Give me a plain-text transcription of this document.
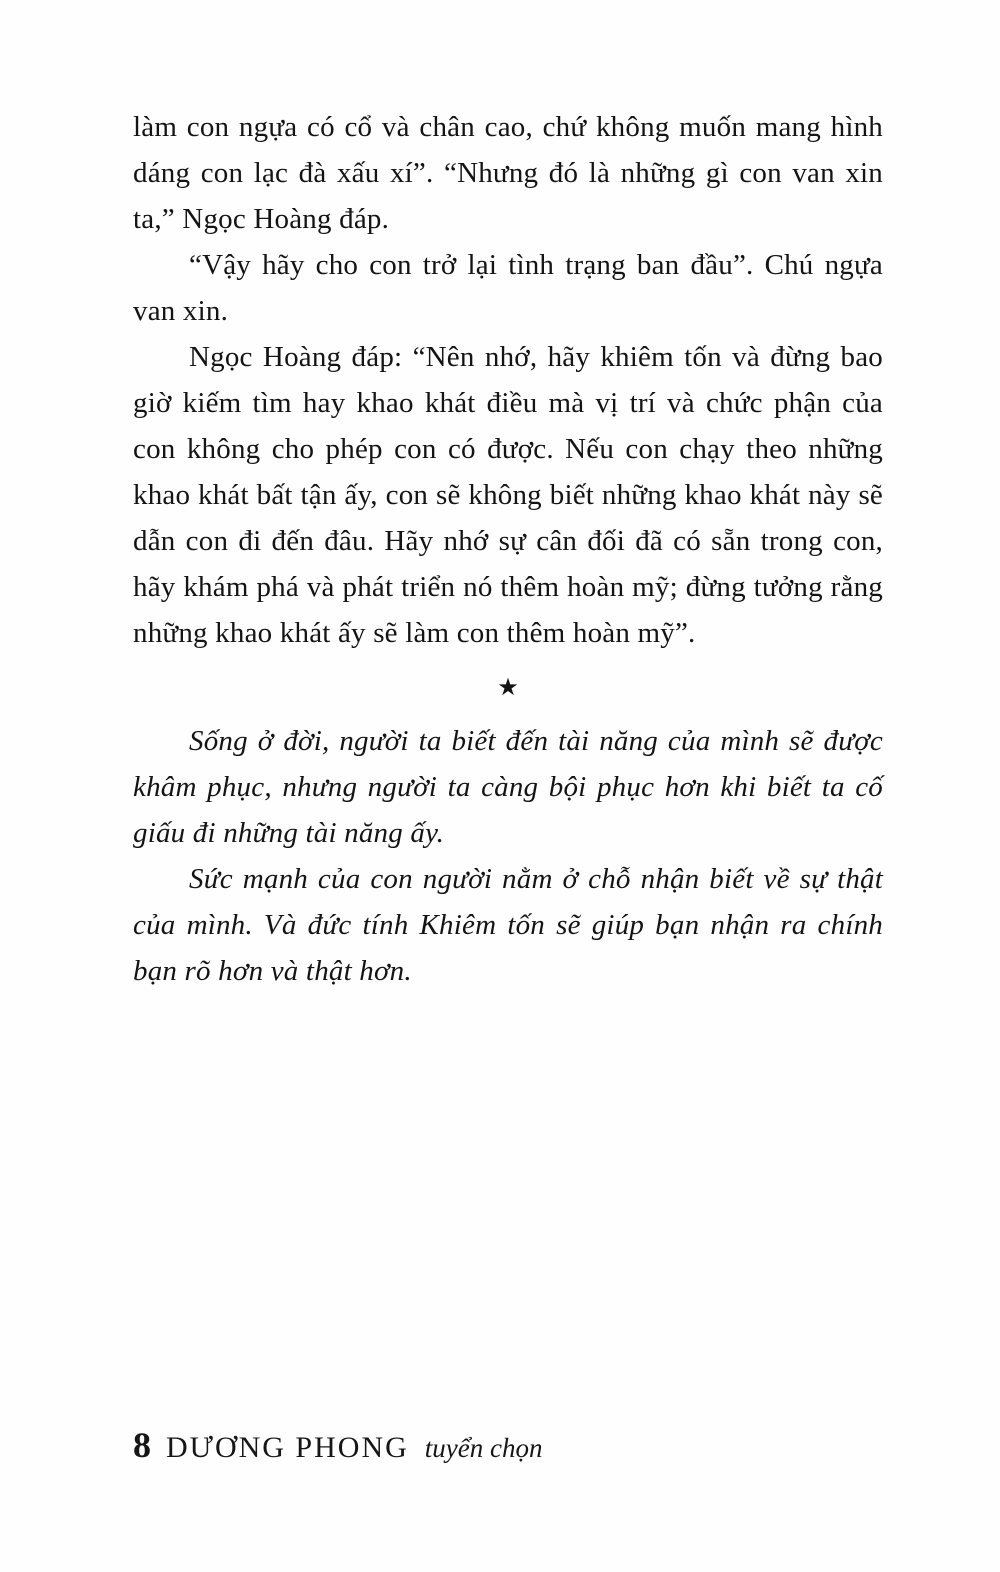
làm con ngựa có cổ và chân cao, chứ không muốn mang hình dáng con lạc đà xấu xí”. “Nhưng đó là những gì con van xin ta,” Ngọc Hoàng đáp.

“Vậy hãy cho con trở lại tình trạng ban đầu”. Chú ngựa van xin.

Ngọc Hoàng đáp: “Nên nhớ, hãy khiêm tốn và đừng bao giờ kiếm tìm hay khao khát điều mà vị trí và chức phận của con không cho phép con có được. Nếu con chạy theo những khao khát bất tận ấy, con sẽ không biết những khao khát này sẽ dẫn con đi đến đâu. Hãy nhớ sự cân đối đã có sẵn trong con, hãy khám phá và phát triển nó thêm hoàn mỹ; đừng tưởng rằng những khao khát ấy sẽ làm con thêm hoàn mỹ”.

★

Sống ở đời, người ta biết đến tài năng của mình sẽ được khâm phục, nhưng người ta càng bội phục hơn khi biết ta cố giấu đi những tài năng ấy.

Sức mạnh của con người nằm ở chỗ nhận biết về sự thật của mình. Và đức tính Khiêm tốn sẽ giúp bạn nhận ra chính bạn rõ hơn và thật hơn.

8 DƯƠNG PHONG tuyển chọn
